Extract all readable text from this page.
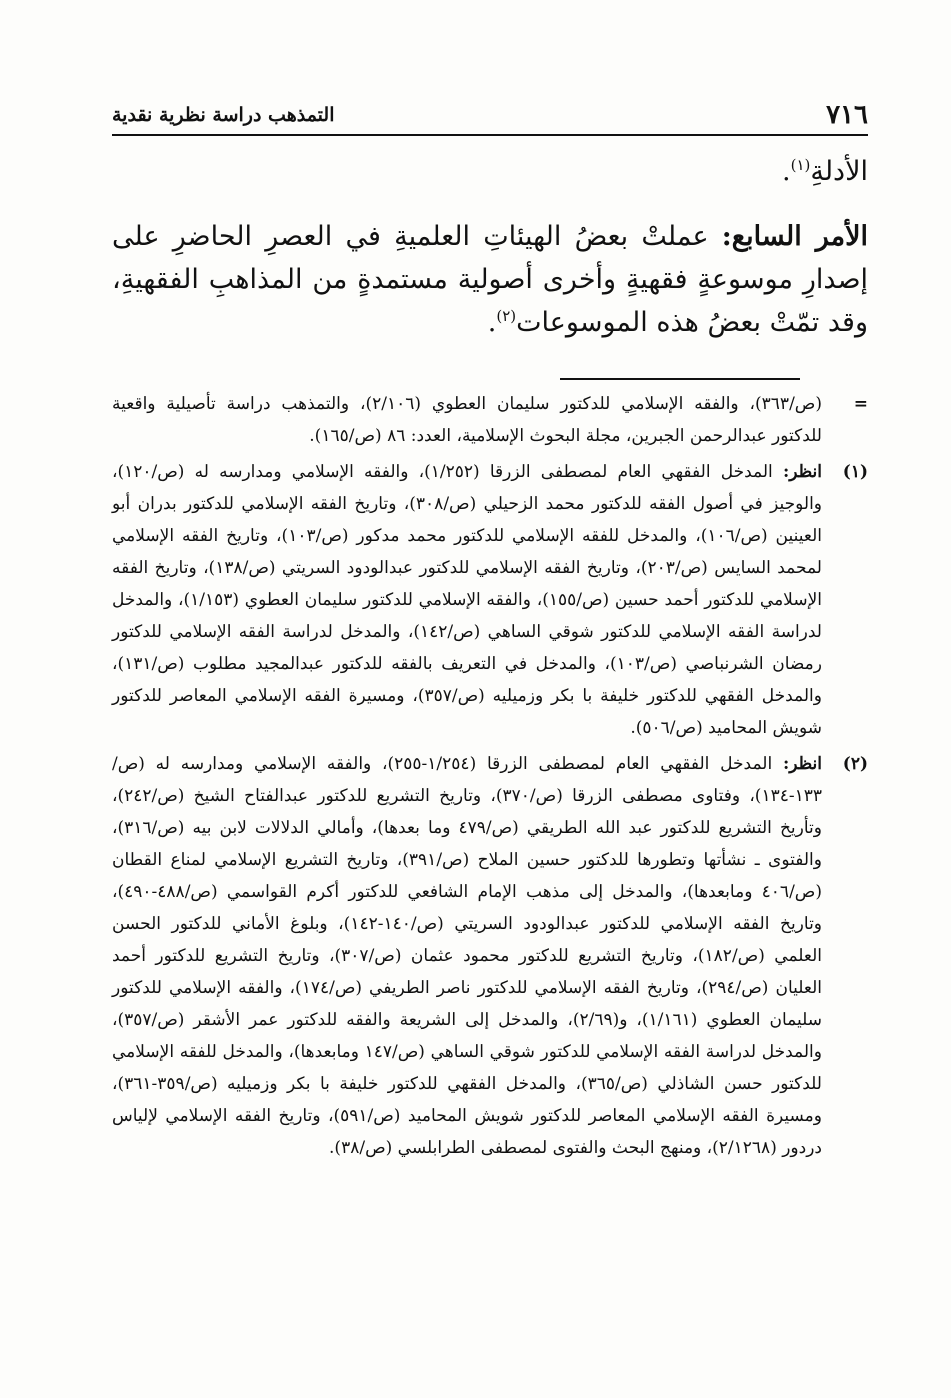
٧١٦
التمذهب دراسة نظرية نقدية

الأدلةِ$^{(١)}$.

الأمر السابع: عملتْ بعضُ الهيئاتِ العلميةِ في العصرِ الحاضرِ على إصدارِ موسوعةٍ فقهيةٍ وأخرى أصولية مستمدةٍ من المذاهبِ الفقهيةِ، وقد تمّتْ بعضُ هذه الموسوعات$^{(٢)}$.

=
(ص/٣٦٣)، والفقه الإسلامي للدكتور سليمان العطوي (٢/١٠٦)، والتمذهب دراسة تأصيلية واقعية للدكتور عبدالرحمن الجبرين، مجلة البحوث الإسلامية، العدد: ٨٦ (ص/١٦٥).
(١)
انظر: المدخل الفقهي العام لمصطفى الزرقا (١/٢٥٢)، والفقه الإسلامي ومدارسه له (ص/١٢٠)، والوجيز في أصول الفقه للدكتور محمد الزحيلي (ص/٣٠٨)، وتاريخ الفقه الإسلامي للدكتور بدران أبو العينين (ص/١٠٦)، والمدخل للفقه الإسلامي للدكتور محمد مدكور (ص/١٠٣)، وتاريخ الفقه الإسلامي لمحمد السايس (ص/٢٠٣)، وتاريخ الفقه الإسلامي للدكتور عبدالودود السريتي (ص/١٣٨)، وتاريخ الفقه الإسلامي للدكتور أحمد حسين (ص/١٥٥)، والفقه الإسلامي للدكتور سليمان العطوي (١/١٥٣)، والمدخل لدراسة الفقه الإسلامي للدكتور شوقي الساهي (ص/١٤٢)، والمدخل لدراسة الفقه الإسلامي للدكتور رمضان الشرنباصي (ص/١٠٣)، والمدخل في التعريف بالفقه للدكتور عبدالمجيد مطلوب (ص/١٣١)، والمدخل الفقهي للدكتور خليفة با بكر وزميليه (ص/٣٥٧)، ومسيرة الفقه الإسلامي المعاصر للدكتور شويش المحاميد (ص/٥٠٦).
(٢)
انظر: المدخل الفقهي العام لمصطفى الزرقا (١/٢٥٤-٢٥٥)، والفقه الإسلامي ومدارسه له (ص/١٣٣-١٣٤)، وفتاوى مصطفى الزرقا (ص/٣٧٠)، وتاريخ التشريع للدكتور عبدالفتاح الشيخ (ص/٢٤٢)، وتأريخ التشريع للدكتور عبد الله الطريقي (ص/٤٧٩ وما بعدها)، وأمالي الدلالات لابن بيه (ص/٣١٦)، والفتوى ـ نشأتها وتطورها للدكتور حسين الملاح (ص/٣٩١)، وتاريخ التشريع الإسلامي لمناع القطان (ص/٤٠٦ ومابعدها)، والمدخل إلى مذهب الإمام الشافعي للدكتور أكرم القواسمي (ص/٤٨٨-٤٩٠)، وتاريخ الفقه الإسلامي للدكتور عبدالودود السريتي (ص/١٤٠-١٤٢)، وبلوغ الأماني للدكتور الحسن العلمي (ص/١٨٢)، وتاريخ التشريع للدكتور محمود عثمان (ص/٣٠٧)، وتاريخ التشريع للدكتور أحمد العليان (ص/٢٩٤)، وتاريخ الفقه الإسلامي للدكتور ناصر الطريفي (ص/١٧٤)، والفقه الإسلامي للدكتور سليمان العطوي (١/١٦١)، و(٢/٦٩)، والمدخل إلى الشريعة والفقه للدكتور عمر الأشقر (ص/٣٥٧)، والمدخل لدراسة الفقه الإسلامي للدكتور شوقي الساهي (ص/١٤٧ ومابعدها)، والمدخل للفقه الإسلامي للدكتور حسن الشاذلي (ص/٣٦٥)، والمدخل الفقهي للدكتور خليفة با بكر وزميليه (ص/٣٥٩-٣٦١)، ومسيرة الفقه الإسلامي المعاصر للدكتور شويش المحاميد (ص/٥٩١)، وتاريخ الفقه الإسلامي لإلياس دردور (٢/١٢٦٨)، ومنهج البحث والفتوى لمصطفى الطرابلسي (ص/٣٨).
